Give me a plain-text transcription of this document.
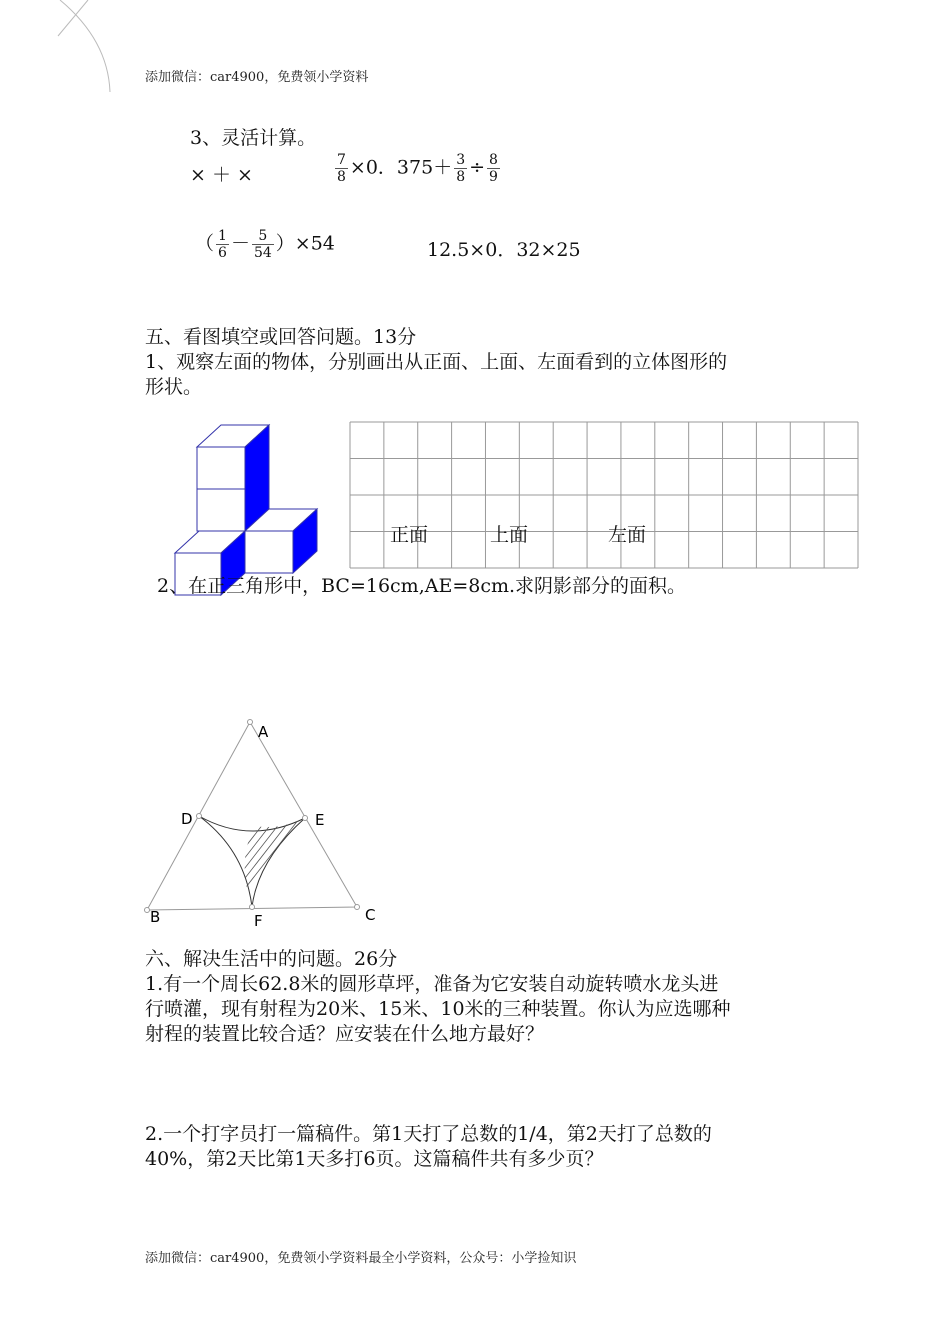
添加微信：car4900，免费领小学资料
3、灵活计算。
× ＋ ×	$\frac{7}{8} \times 0$．$375+ \frac{3}{8} \div \frac{8}{9}$
（ $\frac{1}{6} - \frac{5}{54} )\times 54$	12.5×0．32×25
五、看图填空或回答问题。13分
1、观察左面的物体，分别画出从正面、上面、左面看到的立体图形的
形状。
正面	上面	左面
2、在正三角形中，BC=16cm,AE=8cm.求阴影部分的面积。
A
D	E
B	F	C
六、解决生活中的问题。26分
1.有一个周长62.8米的圆形草坪，准备为它安装自动旋转喷水龙头进
行喷灌，现有射程为20米、15米、10米的三种装置。你认为应选哪种
射程的装置比较合适？应安装在什么地方最好？
2.一个打字员打一篇稿件。第1天打了总数的1/4，第2天打了总数的
40%，第2天比第1天多打6页。这篇稿件共有多少页？
添加微信：car4900，免费领小学资料最全小学资料，公众号：小学捡知识
